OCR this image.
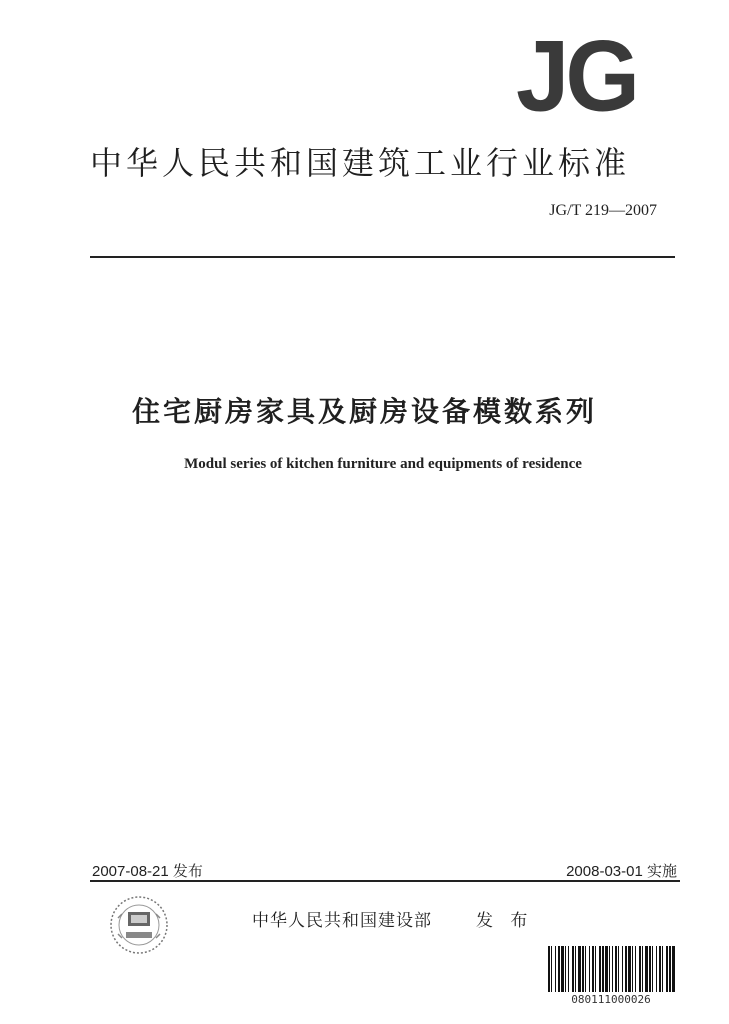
JG
中华人民共和国建筑工业行业标准
JG/T 219—2007
住宅厨房家具及厨房设备模数系列
Modul series of kitchen furniture and equipments of residence
2007-08-21 发布	2008-03-01 实施
中华人民共和国建设部	发 布
080111000026
